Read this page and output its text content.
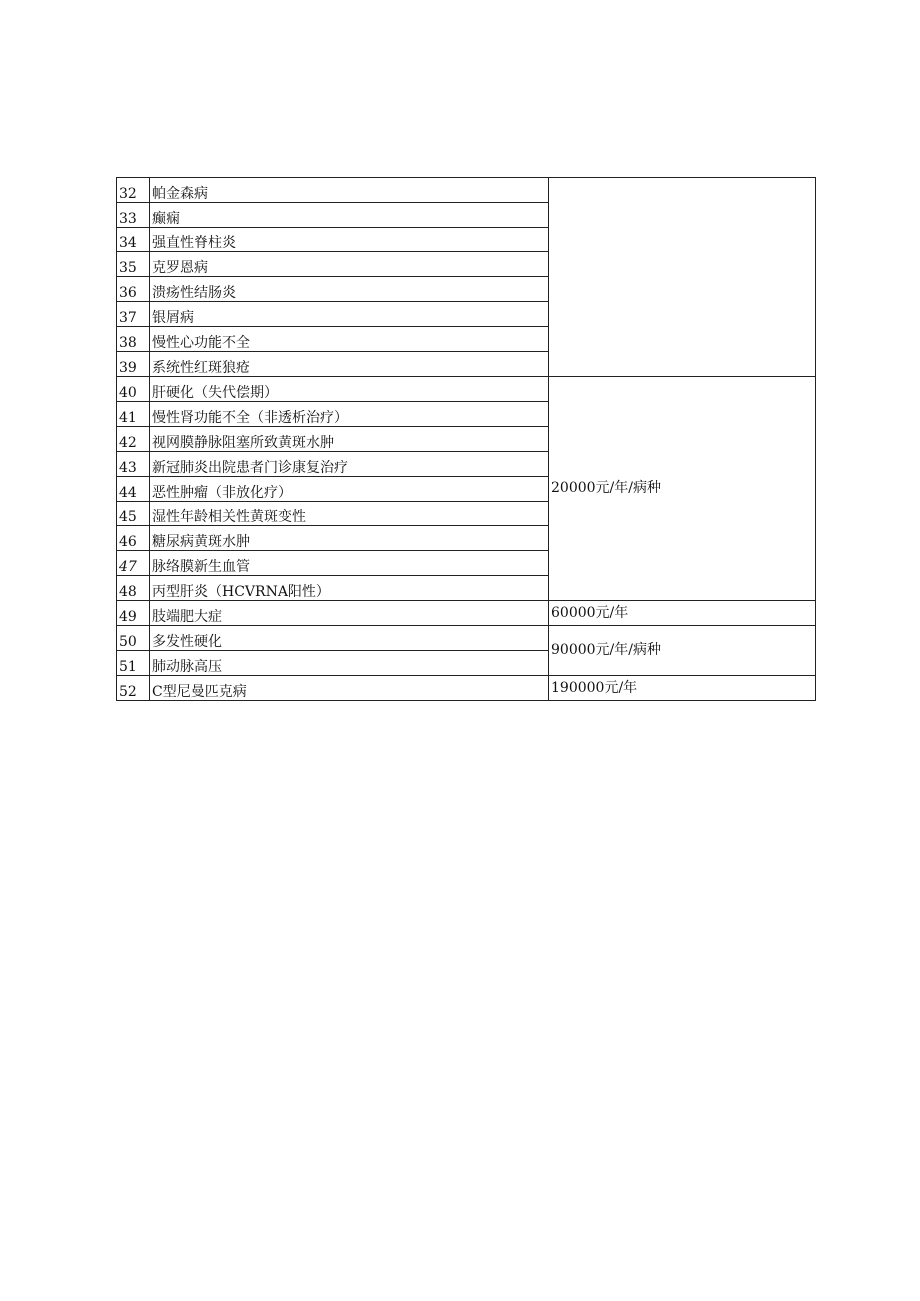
32	帕金森病	
33	癫痫	
34	强直性脊柱炎	
35	克罗恩病	
36	溃疡性结肠炎	
37	银屑病	
38	慢性心功能不全	
39	系统性红斑狼疮	
40	肝硬化（失代偿期）	20000元/年/病种
41	慢性肾功能不全（非透析治疗）	
42	视网膜静脉阻塞所致黄斑水肿	
43	新冠肺炎出院患者门诊康复治疗	
44	恶性肿瘤（非放化疗）	
45	湿性年龄相关性黄斑变性	
46	糖尿病黄斑水肿	
47	脉络膜新生血管	
48	丙型肝炎（HCVRNA阳性）	
49	肢端肥大症	60000元/年
50	多发性硬化	90000元/年/病种
51	肺动脉高压	
52	C型尼曼匹克病	190000元/年
